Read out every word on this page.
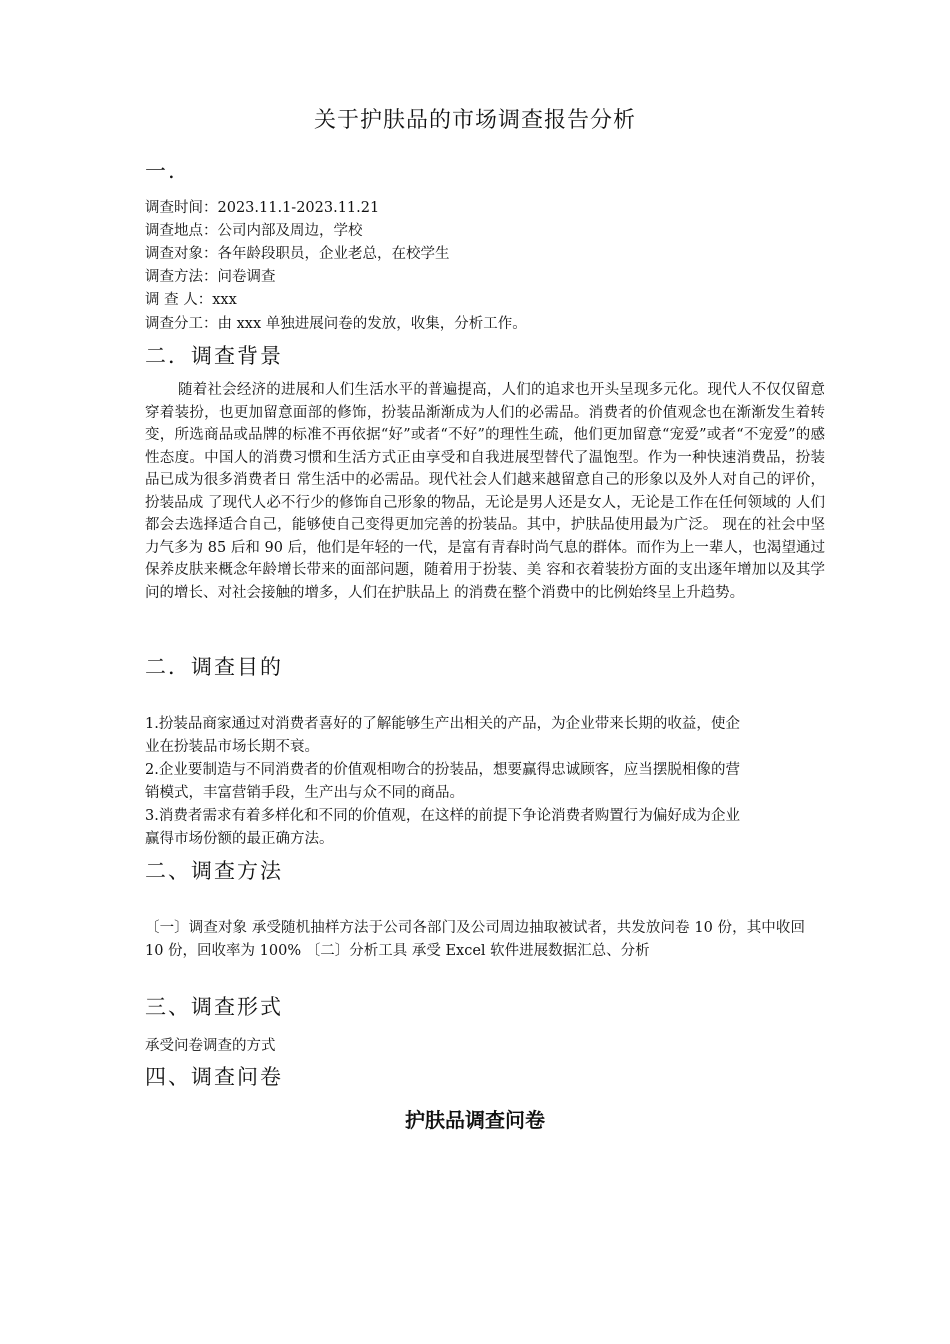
关于护肤品的市场调查报告分析
一.
调查时间：2023.11.1-2023.11.21
调查地点：公司内部及周边，学校
调查对象：各年龄段职员，企业老总，在校学生
调查方法：问卷调查
调 查 人：xxx
调查分工：由 xxx 单独进展问卷的发放，收集，分析工作。
二．调查背景

随着社会经济的进展和人们生活水平的普遍提高，人们的追求也开头呈现多元化。现代人不仅仅留意穿着装扮，也更加留意面部的修饰，扮装品渐渐成为人们的必需品。消费者的价值观念也在渐渐发生着转变，所选商品或品牌的标准不再依据“好”或者“不好”的理性生疏，他们更加留意“宠爱”或者“不宠爱”的感性态度。中国人的消费习惯和生活方式正由享受和自我进展型替代了温饱型。作为一种快速消费品，扮装品已成为很多消费者日 常生活中的必需品。现代社会人们越来越留意自己的形象以及外人对自己的评价，扮装品成 了现代人必不行少的修饰自己形象的物品，无论是男人还是女人，无论是工作在任何领域的 人们都会去选择适合自己，能够使自己变得更加完善的扮装品。其中，护肤品使用最为广泛。 现在的社会中坚力气多为 85 后和 90 后，他们是年轻的一代，是富有青春时尚气息的群体。而作为上一辈人，也渴望通过保养皮肤来概念年龄增长带来的面部问题，随着用于扮装、美 容和衣着装扮方面的支出逐年增加以及其学问的增长、对社会接触的增多，人们在护肤品上 的消费在整个消费中的比例始终呈上升趋势。

二．调查目的

1.扮装品商家通过对消费者喜好的了解能够生产出相关的产品，为企业带来长期的收益，使企业在扮装品市场长期不衰。

2.企业要制造与不同消费者的价值观相吻合的扮装品，想要赢得忠诚顾客，应当摆脱相像的营销模式，丰富营销手段，生产出与众不同的商品。

3.消费者需求有着多样化和不同的价值观，在这样的前提下争论消费者购置行为偏好成为企业赢得市场份额的最正确方法。

二、调查方法

〔一〕调查对象 承受随机抽样方法于公司各部门及公司周边抽取被试者，共发放问卷 10 份，其中收回 10 份，回收率为 100% 〔二〕分析工具 承受 Excel 软件进展数据汇总、分析

三、调查形式
承受问卷调查的方式
四、调查问卷
护肤品调查问卷
